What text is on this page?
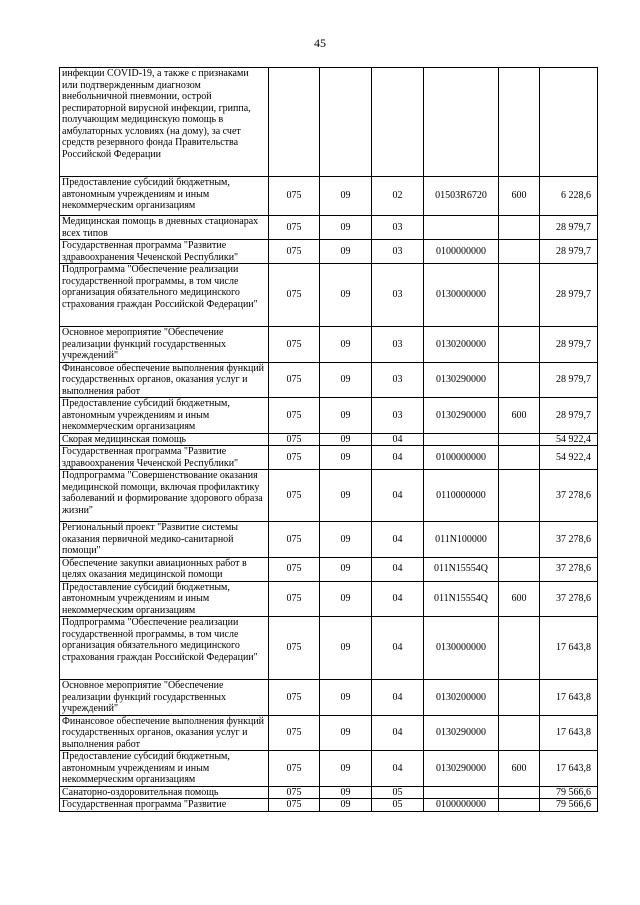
45
инфекции COVID-19, а также с признаками или подтвержденным диагнозом внебольничной пневмонии, острой респираторной вирусной инфекции, гриппа, получающим медицинскую помощь в амбулаторных условиях (на дому), за счет средств резервного фонда Правительства Российской Федерации						
Предоставление субсидий бюджетным, автономным учреждениям и иным некоммерческим организациям	075	09	02	01503R6720	600	6 228,6
Медицинская помощь в дневных стационарах всех типов	075	09	03			28 979,7
Государственная программа "Развитие здравоохранения Чеченской Республики"	075	09	03	0100000000		28 979,7
Подпрограмма "Обеспечение реализации государственной программы, в том числе организация обязательного медицинского страхования граждан Российской Федерации"	075	09	03	0130000000		28 979,7
Основное мероприятие "Обеспечение реализации функций государственных учреждений"	075	09	03	0130200000		28 979,7
Финансовое обеспечение выполнения функций государственных органов, оказания услуг и выполнения работ	075	09	03	0130290000		28 979,7
Предоставление субсидий бюджетным, автономным учреждениям и иным некоммерческим организациям	075	09	03	0130290000	600	28 979,7
Скорая медицинская помощь	075	09	04			54 922,4
Государственная программа "Развитие здравоохранения Чеченской Республики"	075	09	04	0100000000		54 922,4
Подпрограмма "Совершенствование оказания медицинской помощи, включая профилактику заболеваний и формирование здорового образа жизни"	075	09	04	0110000000		37 278,6
Региональный проект "Развитие системы оказания первичной медико-санитарной помощи"	075	09	04	011N100000		37 278,6
Обеспечение закупки авиационных работ в целях оказания медицинской помощи	075	09	04	011N15554Q		37 278,6
Предоставление субсидий бюджетным, автономным учреждениям и иным некоммерческим организациям	075	09	04	011N15554Q	600	37 278,6
Подпрограмма "Обеспечение реализации государственной программы, в том числе организация обязательного медицинского страхования граждан Российской Федерации"	075	09	04	0130000000		17 643,8
Основное мероприятие "Обеспечение реализации функций государственных учреждений"	075	09	04	0130200000		17 643,8
Финансовое обеспечение выполнения функций государственных органов, оказания услуг и выполнения работ	075	09	04	0130290000		17 643,8
Предоставление субсидий бюджетным, автономным учреждениям и иным некоммерческим организациям	075	09	04	0130290000	600	17 643,8
Санаторно-оздоровительная помощь	075	09	05			79 566,6
Государственная программа "Развитие	075	09	05	0100000000		79 566,6
